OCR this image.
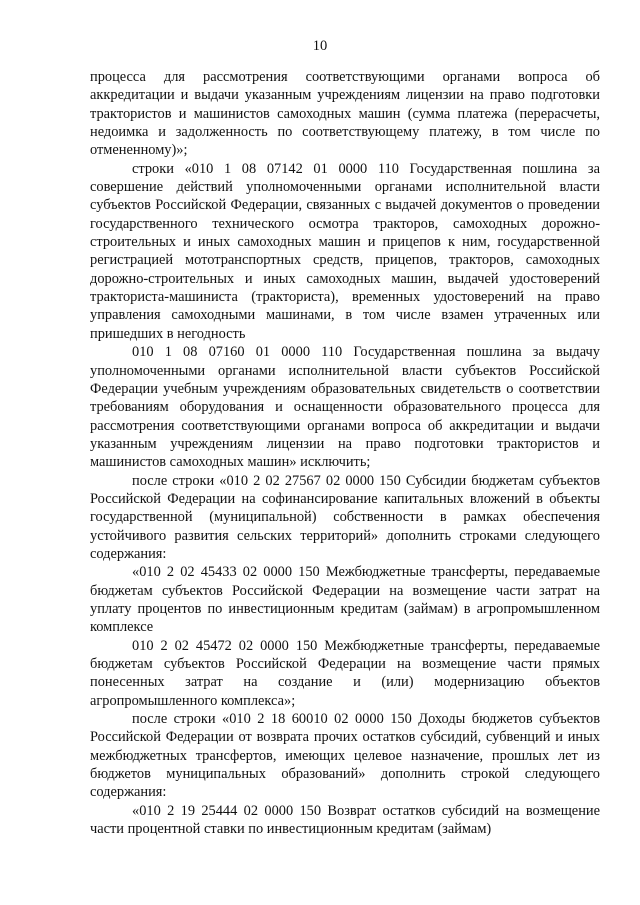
10

процесса для рассмотрения соответствующими органами вопроса об аккредитации и выдачи указанным учреждениям лицензии на право подготовки трактористов и машинистов самоходных машин (сумма платежа (перерасчеты, недоимка и задолженность по соответствующему платежу, в том числе по отмененному)»;

строки «010 1 08 07142 01 0000 110 Государственная пошлина за совершение действий уполномоченными органами исполнительной власти субъектов Российской Федерации, связанных с выдачей документов о проведении государственного технического осмотра тракторов, самоходных дорожно-строительных и иных самоходных машин и прицепов к ним, государственной регистрацией мототранспортных средств, прицепов, тракторов, самоходных дорожно-строительных и иных самоходных машин, выдачей удостоверений тракториста-машиниста (тракториста), временных удостоверений на право управления самоходными машинами, в том числе взамен утраченных или пришедших в негодность

010 1 08 07160 01 0000 110 Государственная пошлина за выдачу уполномоченными органами исполнительной власти субъектов Российской Федерации учебным учреждениям образовательных свидетельств о соответствии требованиям оборудования и оснащенности образовательного процесса для рассмотрения соответствующими органами вопроса об аккредитации и выдачи указанным учреждениям лицензии на право подготовки трактористов и машинистов самоходных машин» исключить;

после строки «010 2 02 27567 02 0000 150 Субсидии бюджетам субъектов Российской Федерации на софинансирование капитальных вложений в объекты государственной (муниципальной) собственности в рамках обеспечения устойчивого развития сельских территорий» дополнить строками следующего содержания:

«010 2 02 45433 02 0000 150 Межбюджетные трансферты, передаваемые бюджетам субъектов Российской Федерации на возмещение части затрат на уплату процентов по инвестиционным кредитам (займам) в агропромышленном комплексе

010 2 02 45472 02 0000 150 Межбюджетные трансферты, передаваемые бюджетам субъектов Российской Федерации на возмещение части прямых понесенных затрат на создание и (или) модернизацию объектов агропромышленного комплекса»;

после строки «010 2 18 60010 02 0000 150 Доходы бюджетов субъектов Российской Федерации от возврата прочих остатков субсидий, субвенций и иных межбюджетных трансфертов, имеющих целевое назначение, прошлых лет из бюджетов муниципальных образований» дополнить строкой следующего содержания:

«010 2 19 25444 02 0000 150 Возврат остатков субсидий на возмещение части процентной ставки по инвестиционным кредитам (займам)
